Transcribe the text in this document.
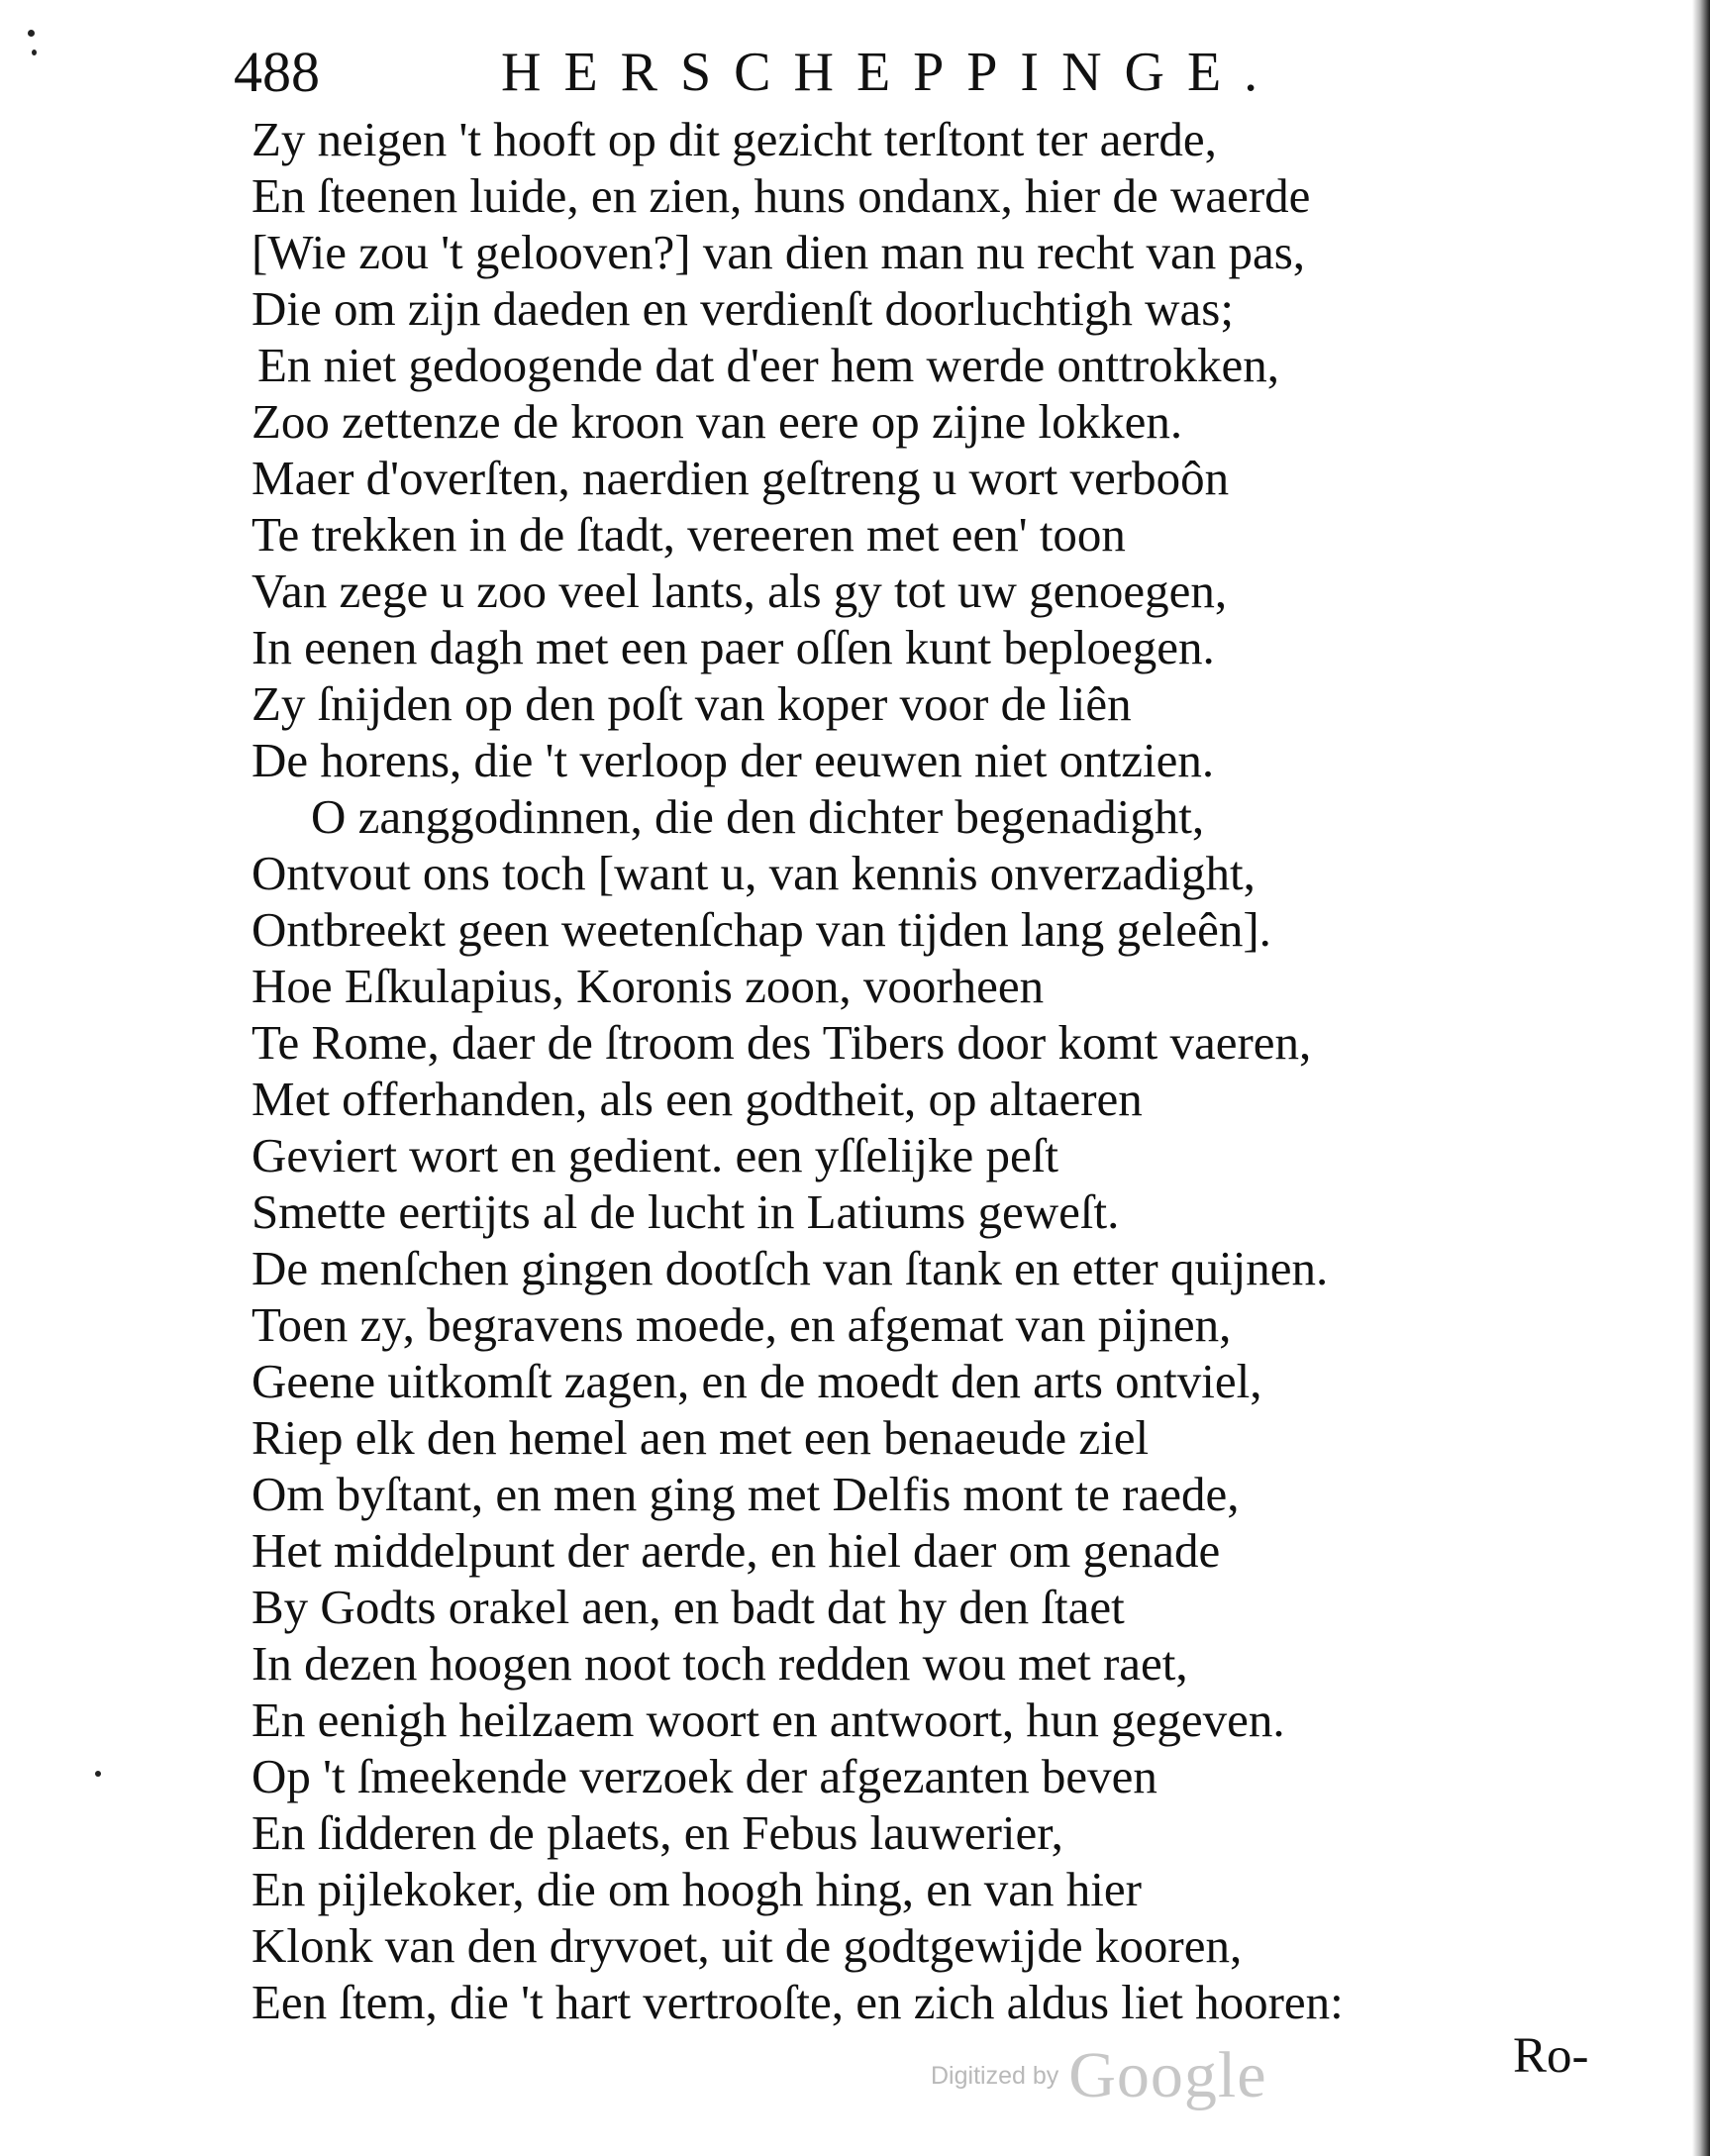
488	HERSCHEPPINGE.
Zy neigen 't hooft op dit gezicht terſtont ter aerde,
En ſteenen luide, en zien, huns ondanx, hier de waerde
[Wie zou 't gelooven?] van dien man nu recht van pas,
Die om zijn daeden en verdienſt doorluchtigh was;
En niet gedoogende dat d'eer hem werde onttrokken,
Zoo zettenze de kroon van eere op zijne lokken.
Maer d'overſten, naerdien geſtreng u wort verboôn
Te trekken in de ſtadt, vereeren met een' toon
Van zege u zoo veel lants, als gy tot uw genoegen,
In eenen dagh met een paer oſſen kunt beploegen.
Zy ſnijden op den poſt van koper voor de liên
De horens, die 't verloop der eeuwen niet ontzien.
O zanggodinnen, die den dichter begenadight,
Ontvout ons toch [want u, van kennis onverzadight,
Ontbreekt geen weetenſchap van tijden lang geleên].
Hoe Eſkulapius, Koronis zoon, voorheen
Te Rome, daer de ſtroom des Tibers door komt vaeren,
Met offerhanden, als een godtheit, op altaeren
Geviert wort en gedient. een yſſelijke peſt
Smette eertijts al de lucht in Latiums geweſt.
De menſchen gingen dootſch van ſtank en etter quijnen.
Toen zy, begravens moede, en afgemat van pijnen,
Geene uitkomſt zagen, en de moedt den arts ontviel,
Riep elk den hemel aen met een benaeude ziel
Om byſtant, en men ging met Delfis mont te raede,
Het middelpunt der aerde, en hiel daer om genade
By Godts orakel aen, en badt dat hy den ſtaet
In dezen hoogen noot toch redden wou met raet,
En eenigh heilzaem woort en antwoort, hun gegeven.
Op 't ſmeekende verzoek der afgezanten beven
En ſidderen de plaets, en Febus lauwerier,
En pijlekoker, die om hoogh hing, en van hier
Klonk van den dryvoet, uit de godtgewijde kooren,
Een ſtem, die 't hart vertrooſte, en zich aldus liet hooren:
Ro-
Digitized by Google
